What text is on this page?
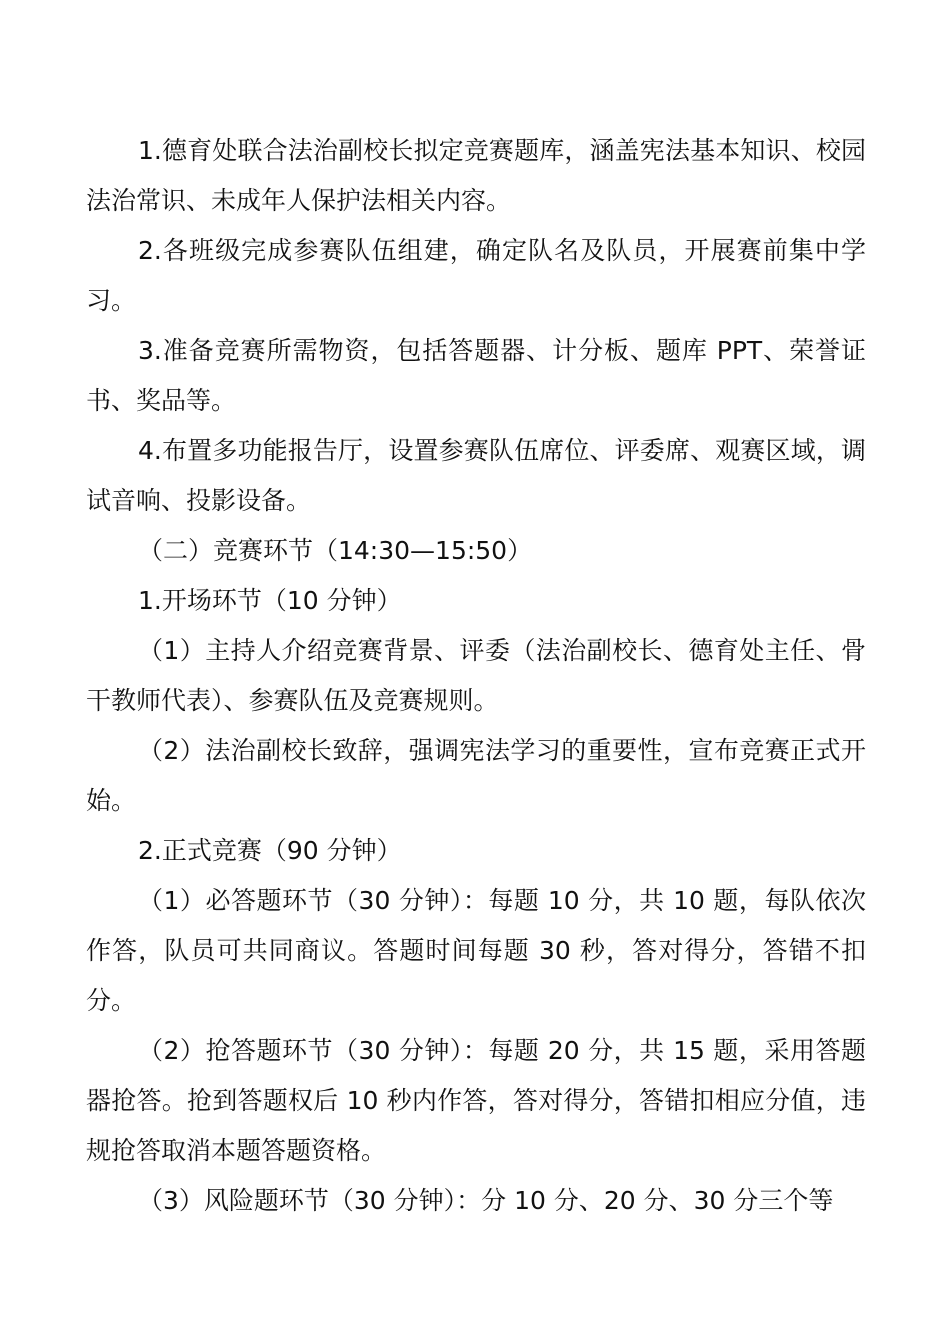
1.德育处联合法治副校长拟定竞赛题库，涵盖宪法基本知识、校园法治常识、未成年人保护法相关内容。

2.各班级完成参赛队伍组建，确定队名及队员，开展赛前集中学习。

3.准备竞赛所需物资，包括答题器、计分板、题库 PPT、荣誉证书、奖品等。

4.布置多功能报告厅，设置参赛队伍席位、评委席、观赛区域，调试音响、投影设备。

（二）竞赛环节（14:30—15:50）

1.开场环节（10 分钟）

（1）主持人介绍竞赛背景、评委（法治副校长、德育处主任、骨干教师代表）、参赛队伍及竞赛规则。

（2）法治副校长致辞，强调宪法学习的重要性，宣布竞赛正式开始。

2.正式竞赛（90 分钟）

（1）必答题环节（30 分钟）：每题 10 分，共 10 题，每队依次作答，队员可共同商议。答题时间每题 30 秒，答对得分，答错不扣分。

（2）抢答题环节（30 分钟）：每题 20 分，共 15 题，采用答题器抢答。抢到答题权后 10 秒内作答，答对得分，答错扣相应分值，违规抢答取消本题答题资格。

（3）风险题环节（30 分钟）：分 10 分、20 分、30 分三个等
